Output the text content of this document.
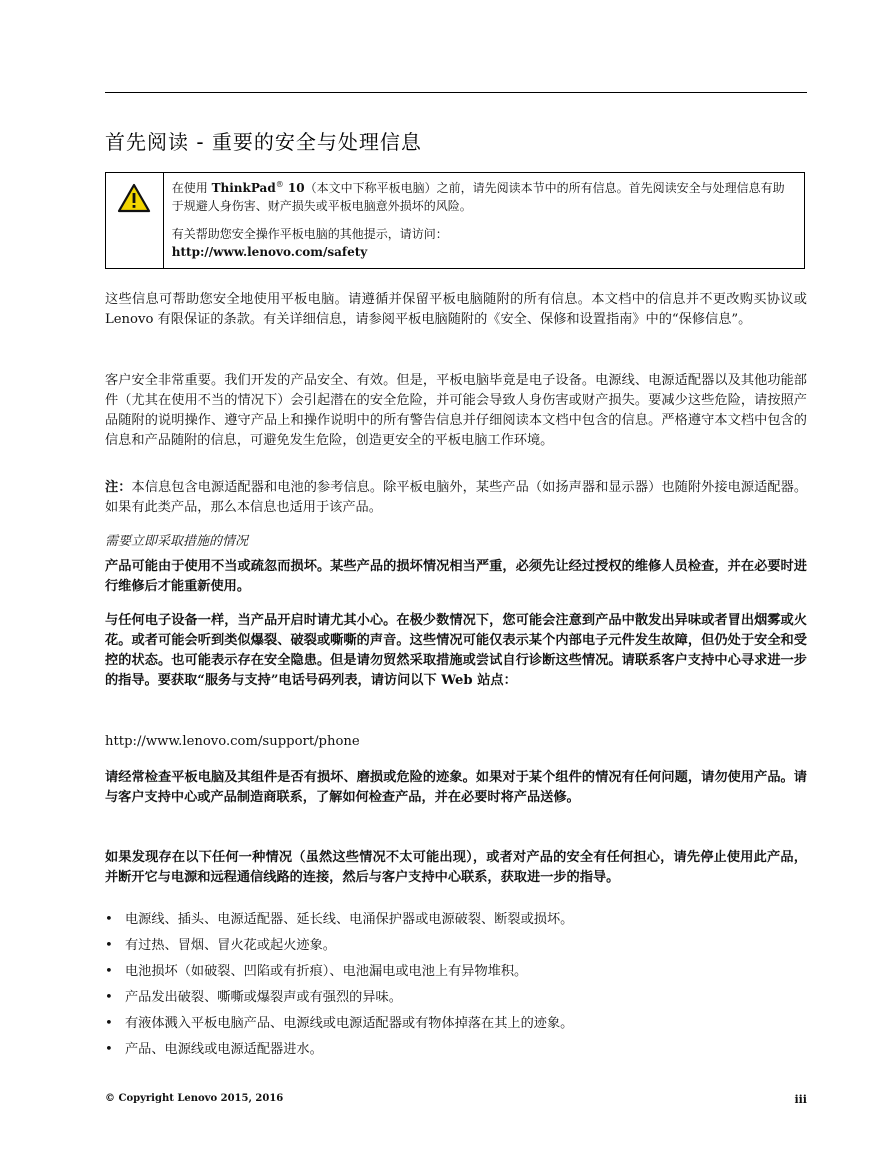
首先阅读 - 重要的安全与处理信息

在使用 ThinkPad® 10（本文中下称平板电脑）之前，请先阅读本节中的所有信息。首先阅读安全与处理信息有助于规避人身伤害、财产损失或平板电脑意外损坏的风险。

有关帮助您安全操作平板电脑的其他提示，请访问：
http://www.lenovo.com/safety

这些信息可帮助您安全地使用平板电脑。请遵循并保留平板电脑随附的所有信息。本文档中的信息并不更改购买协议或 Lenovo 有限保证的条款。有关详细信息，请参阅平板电脑随附的《安全、保修和设置指南》中的“保修信息”。

客户安全非常重要。我们开发的产品安全、有效。但是，平板电脑毕竟是电子设备。电源线、电源适配器以及其他功能部件（尤其在使用不当的情况下）会引起潜在的安全危险，并可能会导致人身伤害或财产损失。要减少这些危险，请按照产品随附的说明操作、遵守产品上和操作说明中的所有警告信息并仔细阅读本文档中包含的信息。严格遵守本文档中包含的信息和产品随附的信息，可避免发生危险，创造更安全的平板电脑工作环境。

注：本信息包含电源适配器和电池的参考信息。除平板电脑外，某些产品（如扬声器和显示器）也随附外接电源适配器。如果有此类产品，那么本信息也适用于该产品。

需要立即采取措施的情况

产品可能由于使用不当或疏忽而损坏。某些产品的损坏情况相当严重，必须先让经过授权的维修人员检查，并在必要时进行维修后才能重新使用。

与任何电子设备一样，当产品开启时请尤其小心。在极少数情况下，您可能会注意到产品中散发出异味或者冒出烟雾或火花。或者可能会听到类似爆裂、破裂或嘶嘶的声音。这些情况可能仅表示某个内部电子元件发生故障，但仍处于安全和受控的状态。也可能表示存在安全隐患。但是请勿贸然采取措施或尝试自行诊断这些情况。请联系客户支持中心寻求进一步的指导。要获取“服务与支持”电话号码列表，请访问以下 Web 站点：

http://www.lenovo.com/support/phone

请经常检查平板电脑及其组件是否有损坏、磨损或危险的迹象。如果对于某个组件的情况有任何问题，请勿使用产品。请与客户支持中心或产品制造商联系，了解如何检查产品，并在必要时将产品送修。

如果发现存在以下任何一种情况（虽然这些情况不太可能出现），或者对产品的安全有任何担心，请先停止使用此产品，并断开它与电源和远程通信线路的连接，然后与客户支持中心联系，获取进一步的指导。

• 电源线、插头、电源适配器、延长线、电涌保护器或电源破裂、断裂或损坏。
• 有过热、冒烟、冒火花或起火迹象。
• 电池损坏（如破裂、凹陷或有折痕）、电池漏电或电池上有异物堆积。
• 产品发出破裂、嘶嘶或爆裂声或有强烈的异味。
• 有液体溅入平板电脑产品、电源线或电源适配器或有物体掉落在其上的迹象。
• 产品、电源线或电源适配器进水。
© Copyright Lenovo 2015, 2016	iii
